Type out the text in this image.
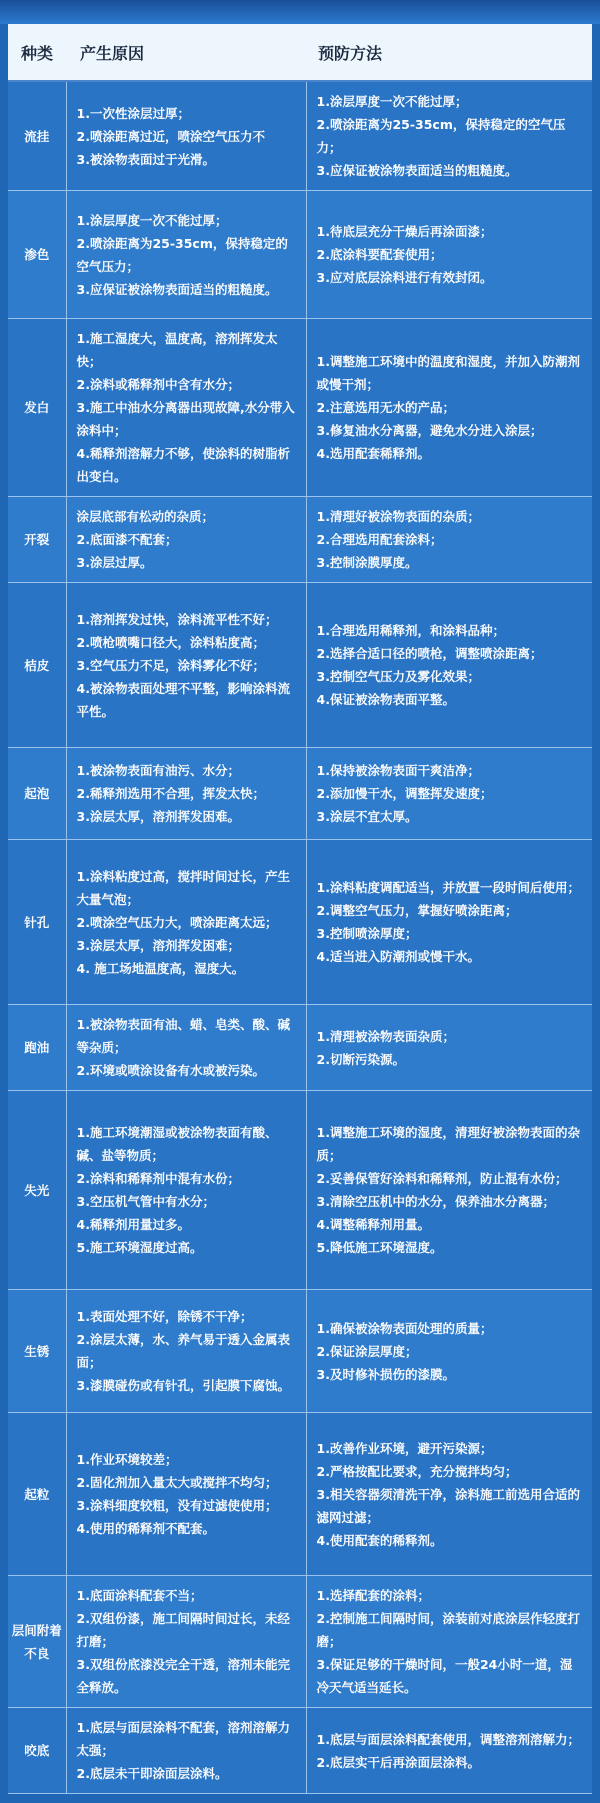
种类	产生原因	预防方法
流挂	1.一次性涂层过厚；
2.喷涂距离过近，喷涂空气压力不
3.被涂物表面过于光滑。	1.涂层厚度一次不能过厚；
2.喷涂距离为25-35cm，保持稳定的空气压力；
3.应保证被涂物表面适当的粗糙度。

渗色	1.涂层厚度一次不能过厚；
2.喷涂距离为25-35cm，保持稳定的空气压力；
3.应保证被涂物表面适当的粗糙度。	1.待底层充分干燥后再涂面漆；
2.底涂料要配套使用；
3.应对底层涂料进行有效封闭。

发白	1.施工湿度大，温度高，溶剂挥发太快；
2.涂料或稀释剂中含有水分；
3.施工中油水分离器出现故障,水分带入涂料中；
4.稀释剂溶解力不够，使涂料的树脂析出变白。	1.调整施工环境中的温度和湿度，并加入防潮剂或慢干剂；
2.注意选用无水的产品；
3.修复油水分离器，避免水分进入涂层；
4.选用配套稀释剂。

开裂	涂层底部有松动的杂质；
2.底面漆不配套；
3.涂层过厚。	1.清理好被涂物表面的杂质；
2.合理选用配套涂料；
3.控制涂膜厚度。

桔皮	1.溶剂挥发过快，涂料流平性不好；
2.喷枪喷嘴口径大，涂料粘度高；
3.空气压力不足，涂料雾化不好；
4.被涂物表面处理不平整，影响涂料流平性。	1.合理选用稀释剂，和涂料品种；
2.选择合适口径的喷枪，调整喷涂距离；
3.控制空气压力及雾化效果；
4.保证被涂物表面平整。

起泡	1.被涂物表面有油污、水分；
2.稀释剂选用不合理，挥发太快；
3.涂层太厚，溶剂挥发困难。	1.保持被涂物表面干爽洁净；
2.添加慢干水，调整挥发速度；
3.涂层不宜太厚。

针孔	1.涂料粘度过高，搅拌时间过长，产生大量气泡；
2.喷涂空气压力大，喷涂距离太远；
3.涂层太厚，溶剂挥发困难；
4. 施工场地温度高，湿度大。	1.涂料粘度调配适当，并放置一段时间后使用；
2.调整空气压力，掌握好喷涂距离；
3.控制喷涂厚度；
4.适当进入防潮剂或慢干水。

跑油	1.被涂物表面有油、蜡、皂类、酸、碱等杂质；
2.环境或喷涂设备有水或被污染。	1.清理被涂物表面杂质；
2.切断污染源。

失光	1.施工环境潮湿或被涂物表面有酸、碱、盐等物质；
2.涂料和稀释剂中混有水份；
3.空压机气管中有水分；
4.稀释剂用量过多。
5.施工环境湿度过高。	1.调整施工环境的湿度，清理好被涂物表面的杂质；
2.妥善保管好涂料和稀释剂，防止混有水份；
3.清除空压机中的水分，保养油水分离器；
4.调整稀释剂用量。
5.降低施工环境湿度。

生锈	1.表面处理不好，除锈不干净；
2.涂层太薄，水、养气易于透入金属表面；
3.漆膜碰伤或有针孔，引起膜下腐蚀。	1.确保被涂物表面处理的质量；
2.保证涂层厚度；
3.及时修补损伤的漆膜。

起粒	1.作业环境较差；
2.固化剂加入量太大或搅拌不均匀；
3.涂料细度较粗，没有过滤使使用；
4.使用的稀释剂不配套。	1.改善作业环境，避开污染源；
2.严格按配比要求，充分搅拌均匀；
3.相关容器须清洗干净，涂料施工前选用合适的滤网过滤；
4.使用配套的稀释剂。

层间附着不良	1.底面涂料配套不当；
2.双组份漆，施工间隔时间过长，未经打磨；
3.双组份底漆没完全干透，溶剂未能完全释放。	1.选择配套的涂料；
2.控制施工间隔时间，涂装前对底涂层作轻度打磨；
3.保证足够的干燥时间，一般24小时一道，湿冷天气适当延长。

咬底	1.底层与面层涂料不配套，溶剂溶解力太强；
2.底层未干即涂面层涂料。	1.底层与面层涂料配套使用，调整溶剂溶解力；
2.底层实干后再涂面层涂料。
